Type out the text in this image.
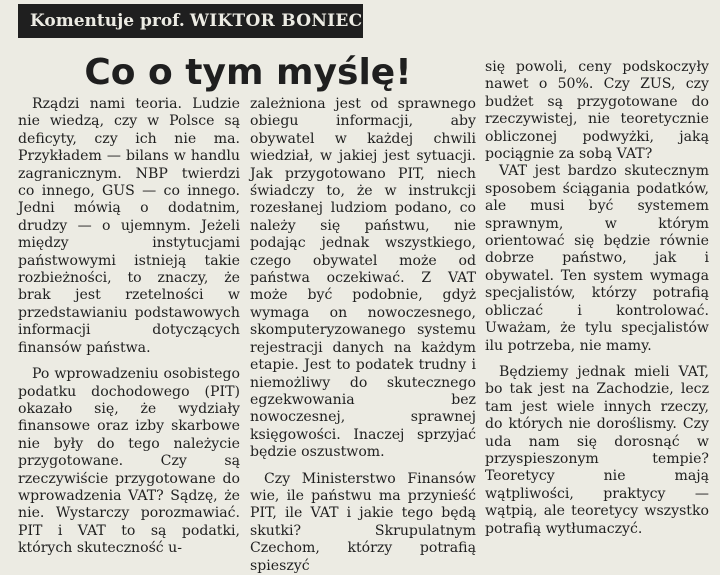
Komentuje prof. WIKTOR BONIECKI
Co o tym myślę!

Rządzi nami teoria. Ludzie nie wiedzą, czy w Polsce są deficyty, czy ich nie ma. Przykładem — bilans w handlu zagranicznym. NBP twierdzi co innego, GUS — co innego. Jedni mówią o dodatnim, drudzy — o ujemnym. Jeżeli między instytucjami państwowymi istnieją takie rozbieżności, to znaczy, że brak jest rzetelności w przedstawianiu podstawowych informacji dotyczących finansów państwa.

Po wprowadzeniu osobistego podatku dochodowego (PIT) okazało się, że wydziały finansowe oraz izby skarbowe nie były do tego należycie przygotowane. Czy są rzeczywiście przygotowane do wprowadzenia VAT? Sądzę, że nie. Wystarczy porozmawiać. PIT i VAT to są podatki, których skuteczność u-

zależniona jest od sprawnego obiegu informacji, aby obywatel w każdej chwili wiedział, w jakiej jest sytuacji. Jak przygotowano PIT, niech świadczy to, że w instrukcji rozesłanej ludziom podano, co należy się państwu, nie podając jednak wszystkiego, czego obywatel może od państwa oczekiwać. Z VAT może być podobnie, gdyż wymaga on nowoczesnego, skomputeryzowanego systemu rejestracji danych na każdym etapie. Jest to podatek trudny i niemożliwy do skutecznego egzekwowania bez nowoczesnej, sprawnej księgowości. Inaczej sprzyjać będzie oszustwom.

Czy Ministerstwo Finansów wie, ile państwu ma przynieść PIT, ile VAT i jakie tego będą skutki? Skrupulatnym Czechom, którzy potrafią spieszyć

się powoli, ceny podskoczyły nawet o 50%. Czy ZUS, czy budżet są przygotowane do rzeczywistej, nie teoretycznie obliczonej podwyżki, jaką pociągnie za sobą VAT?

VAT jest bardzo skutecznym sposobem ściągania podatków, ale musi być systemem sprawnym, w którym orientować się będzie równie dobrze państwo, jak i obywatel. Ten system wymaga specjalistów, którzy potrafią obliczać i kontrolować. Uważam, że tylu specjalistów ilu potrzeba, nie mamy.

Będziemy jednak mieli VAT, bo tak jest na Zachodzie, lecz tam jest wiele innych rzeczy, do których nie doroślismy. Czy uda nam się dorosnąć w przyspieszonym tempie? Teoretycy nie mają wątpliwości, praktycy — wątpią, ale teoretycy wszystko potrafią wytłumaczyć.
